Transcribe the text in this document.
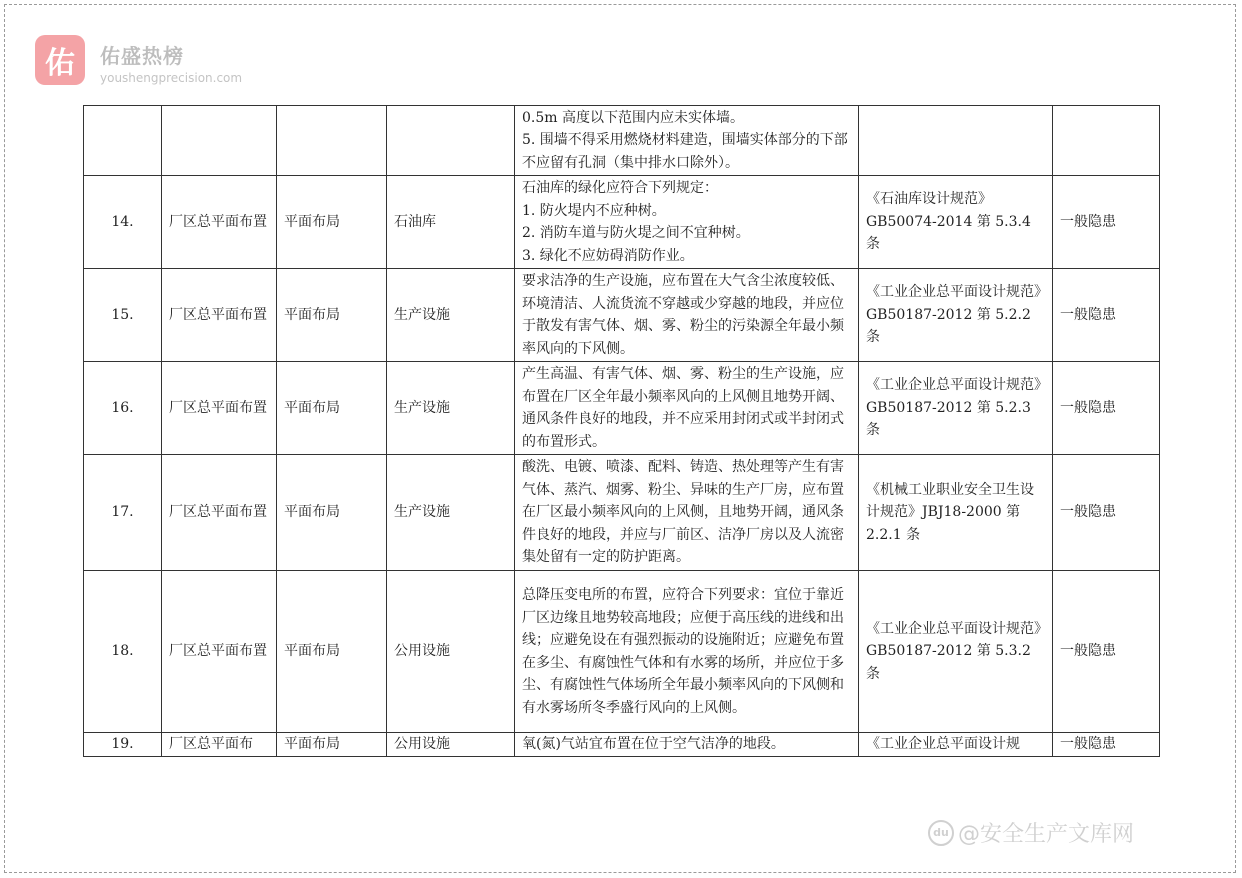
佑	佑盛热榜
youshengprecision.com
				0.5m 高度以下范围内应未实体墙。
5. 围墙不得采用燃烧材料建造，围墙实体部分的下部不应留有孔洞（集中排水口除外）。		
14.	厂区总平面布置	平面布局	石油库	石油库的绿化应符合下列规定：
1. 防火堤内不应种树。
2. 消防车道与防火堤之间不宜种树。
3. 绿化不应妨碍消防作业。	《石油库设计规范》GB50074-2014 第 5.3.4 条	一般隐患
15.	厂区总平面布置	平面布局	生产设施	要求洁净的生产设施，应布置在大气含尘浓度较低、环境清洁、人流货流不穿越或少穿越的地段，并应位于散发有害气体、烟、雾、粉尘的污染源全年最小频率风向的下风侧。	《工业企业总平面设计规范》GB50187-2012 第 5.2.2 条	一般隐患
16.	厂区总平面布置	平面布局	生产设施	产生高温、有害气体、烟、雾、粉尘的生产设施，应布置在厂区全年最小频率风向的上风侧且地势开阔、通风条件良好的地段，并不应采用封闭式或半封闭式的布置形式。	《工业企业总平面设计规范》GB50187-2012 第 5.2.3 条	一般隐患
17.	厂区总平面布置	平面布局	生产设施	酸洗、电镀、喷漆、配料、铸造、热处理等产生有害气体、蒸汽、烟雾、粉尘、异味的生产厂房，应布置在厂区最小频率风向的上风侧，且地势开阔，通风条件良好的地段，并应与厂前区、洁净厂房以及人流密集处留有一定的防护距离。	《机械工业职业安全卫生设计规范》JBJ18-2000 第 2.2.1 条	一般隐患
18.	厂区总平面布置	平面布局	公用设施	总降压变电所的布置，应符合下列要求：宜位于靠近厂区边缘且地势较高地段；应便于高压线的进线和出线；应避免设在有强烈振动的设施附近；应避免布置在多尘、有腐蚀性气体和有水雾的场所，并应位于多尘、有腐蚀性气体场所全年最小频率风向的下风侧和有水雾场所冬季盛行风向的上风侧。	《工业企业总平面设计规范》GB50187-2012 第 5.3.2 条	一般隐患
19.	厂区总平面布	平面布局	公用设施	氧(氮)气站宜布置在位于空气洁净的地段。	《工业企业总平面设计规	一般隐患
du @安全生产文库网
